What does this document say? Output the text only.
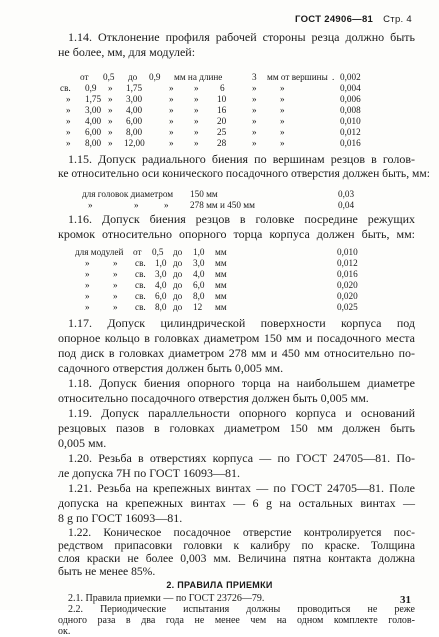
ГОСТ 24906—81 Стр. 4
1.14. Отклонение профиля рабочей стороны резца должно быть
не более, мм, для модулей:
от 0,5 до 0,9 мм на длине	3 мм от вершины . 0,002
св. 0,9 » 1,75	» » 6	»	»	0,004
» 1,75 » 3,00	» » 10	»	»	0,006
» 3,00 » 4,00	» » 16	»	»	0,008
» 4,00 » 6,00	» » 20	»	»	0,010
» 6,00 » 8,00	» » 25	»	»	0,012
» 8,00 » 12,00	» » 28	»	»	0,016
1.15. Допуск радиального биения по вершинам резцов в голов-
ке относительно оси конического посадочного отверстия должен быть, мм:
для головок диаметром 150 мм	0,03
»	»	» 278 мм и 450 мм	0,04
1.16. Допуск биения резцов в головке посредине режущих
кромок относительно опорного торца корпуса должен быть, мм:
для модулей от 0,5 до 1,0 мм	0,010
»	» св. 1,0 до 3,0 мм	0,012
»	» св. 3,0 до 4,0 мм	0,016
»	» св. 4,0 до 6,0 мм	0,020
»	» св. 6,0 до 8,0 мм	0,020
»	» св. 8,0 до 12 мм	0,025
1.17. Допуск цилиндрической поверхности корпуса под
опорное кольцо в головках диаметром 150 мм и посадочного места
под диск в головках диаметром 278 мм и 450 мм относительно по-
садочного отверстия должен быть 0,005 мм.
1.18. Допуск биения опорного торца на наибольшем диаметре
относительно посадочного отверстия должен быть 0,005 мм.
1.19. Допуск параллельности опорного корпуса и оснований
резцовых пазов в головках диаметром 150 мм должен быть
0,005 мм.
1.20. Резьба в отверстиях корпуса — по ГОСТ 24705—81. По-
ле допуска 7Н по ГОСТ 16093—81.
1.21. Резьба на крепежных винтах — по ГОСТ 24705—81. Поле
допуска на крепежных винтах — 6 g на остальных винтах —
8 g по ГОСТ 16093—81.
31
1.22. Коническое посадочное отверстие контролируется пос-
редством припасовки головки к калибру по краске. Толщина
слоя краски не более 0,003 мм. Величина пятна контакта должна
быть не менее 85%.
2. ПРАВИЛА ПРИЕМКИ
2.1. Правила приемки — по ГОСТ 23726—79.
2.2. Периодические испытания должны проводиться не реже
одного раза в два года не менее чем на одном комплекте голов-
ок.
